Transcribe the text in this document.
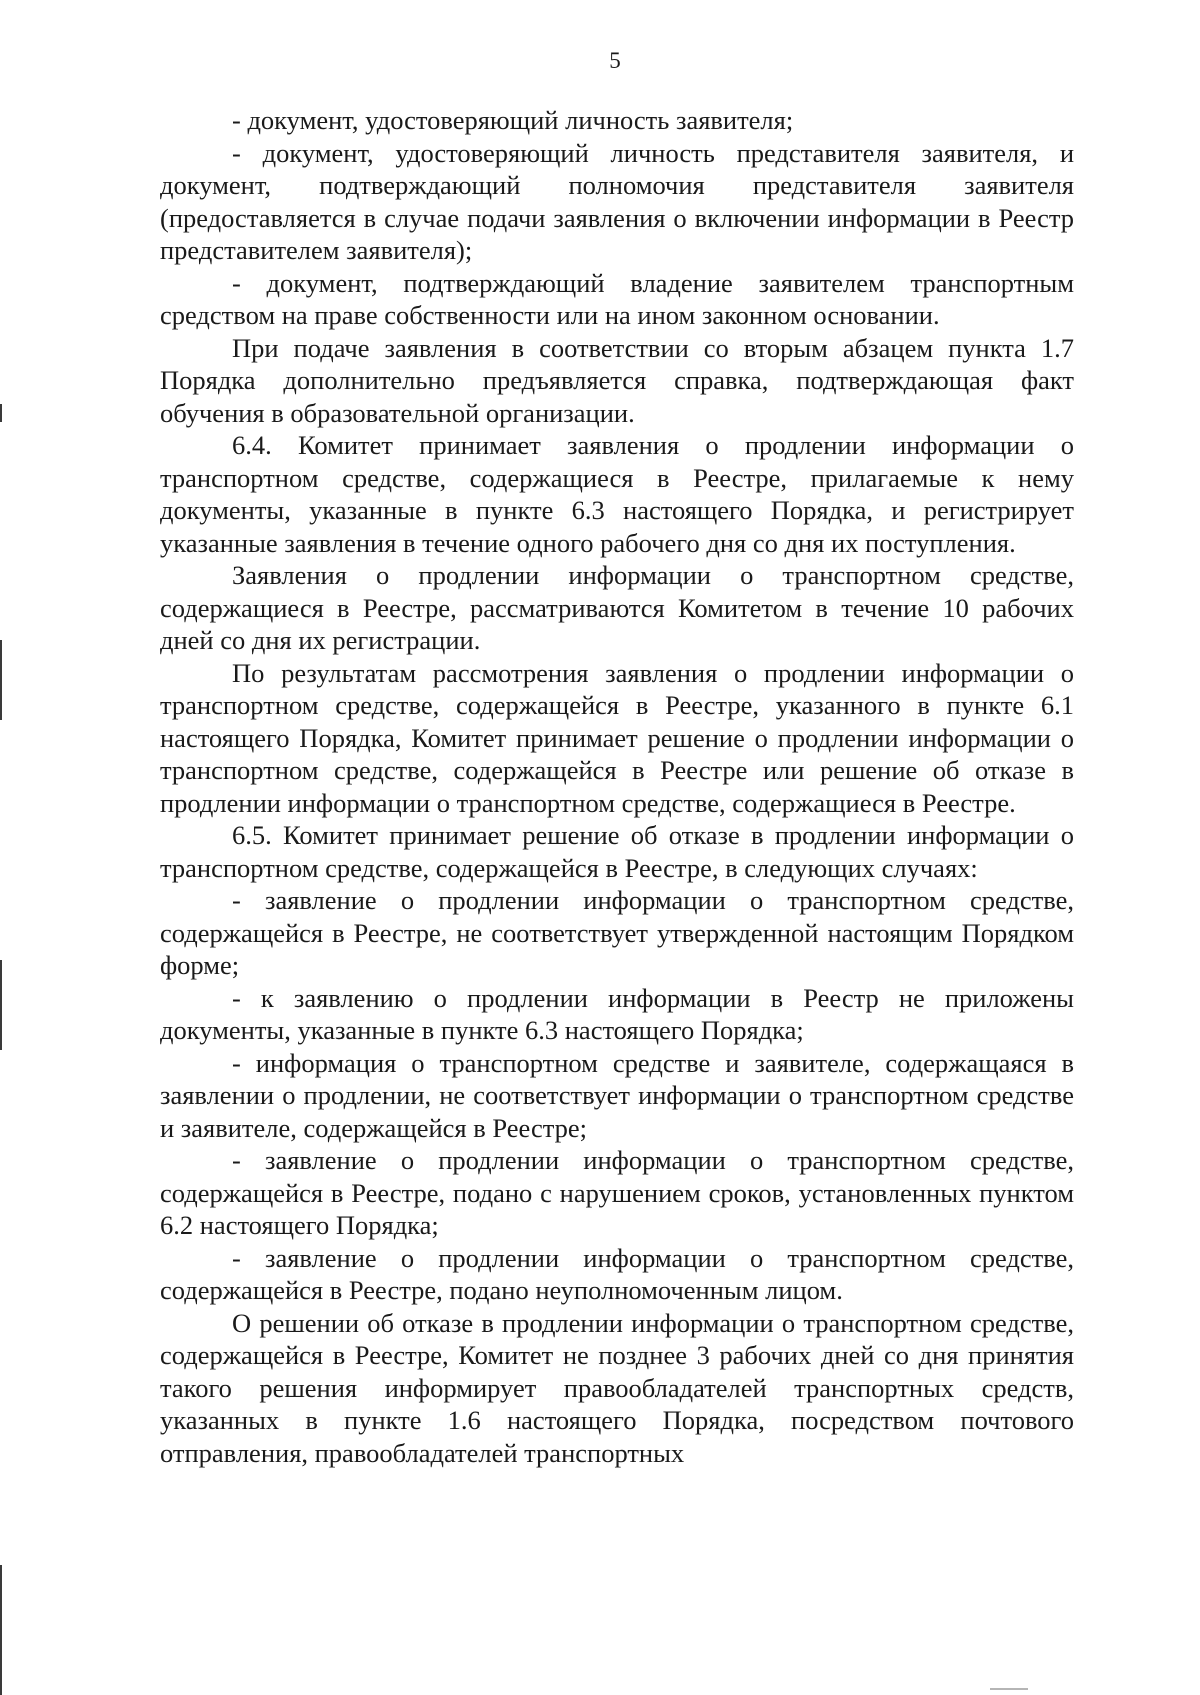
5

- документ, удостоверяющий личность заявителя;

- документ, удостоверяющий личность представителя заявителя, и документ, подтверждающий полномочия представителя заявителя (предоставляется в случае подачи заявления о включении информации в Реестр представителем заявителя);

- документ, подтверждающий владение заявителем транспортным средством на праве собственности или на ином законном основании.

При подаче заявления в соответствии со вторым абзацем пункта 1.7 Порядка дополнительно предъявляется справка, подтверждающая факт обучения в образовательной организации.

6.4. Комитет принимает заявления о продлении информации о транспортном средстве, содержащиеся в Реестре, прилагаемые к нему документы, указанные в пункте 6.3 настоящего Порядка, и регистрирует указанные заявления в течение одного рабочего дня со дня их поступления.

Заявления о продлении информации о транспортном средстве, содержащиеся в Реестре, рассматриваются Комитетом в течение 10 рабочих дней со дня их регистрации.

По результатам рассмотрения заявления о продлении информации о транспортном средстве, содержащейся в Реестре, указанного в пункте 6.1 настоящего Порядка, Комитет принимает решение о продлении информации о транспортном средстве, содержащейся в Реестре или решение об отказе в продлении информации о транспортном средстве, содержащиеся в Реестре.

6.5. Комитет принимает решение об отказе в продлении информации о транспортном средстве, содержащейся в Реестре, в следующих случаях:

- заявление о продлении информации о транспортном средстве, содержащейся в Реестре, не соответствует утвержденной настоящим Порядком форме;

- к заявлению о продлении информации в Реестр не приложены документы, указанные в пункте 6.3 настоящего Порядка;

- информация о транспортном средстве и заявителе, содержащаяся в заявлении о продлении, не соответствует информации о транспортном средстве и заявителе, содержащейся в Реестре;

- заявление о продлении информации о транспортном средстве, содержащейся в Реестре, подано с нарушением сроков, установленных пунктом 6.2 настоящего Порядка;

- заявление о продлении информации о транспортном средстве, содержащейся в Реестре, подано неуполномоченным лицом.

О решении об отказе в продлении информации о транспортном средстве, содержащейся в Реестре, Комитет не позднее 3 рабочих дней со дня принятия такого решения информирует правообладателей транспортных средств, указанных в пункте 1.6 настоящего Порядка, посредством почтового отправления, правообладателей транспортных
